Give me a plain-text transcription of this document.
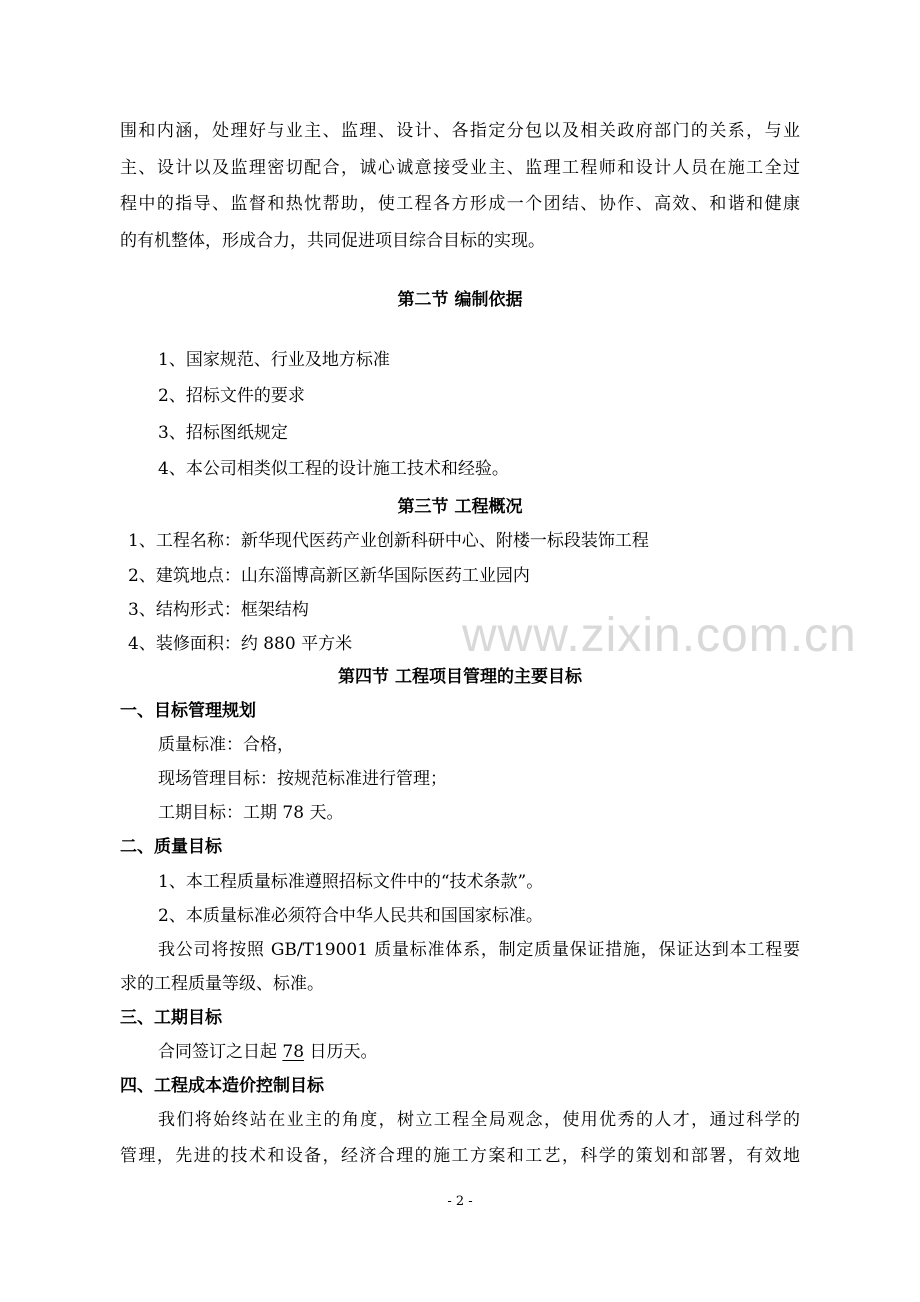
围和内涵，处理好与业主、监理、设计、各指定分包以及相关政府部门的关系，与业
主、设计以及监理密切配合，诚心诚意接受业主、监理工程师和设计人员在施工全过
程中的指导、监督和热忱帮助，使工程各方形成一个团结、协作、高效、和谐和健康
的有机整体，形成合力，共同促进项目综合目标的实现。
第二节 编制依据
1、国家规范、行业及地方标准
2、招标文件的要求
3、招标图纸规定
4、本公司相类似工程的设计施工技术和经验。
第三节 工程概况
1、工程名称：新华现代医药产业创新科研中心、附楼一标段装饰工程
2、建筑地点：山东淄博高新区新华国际医药工业园内
3、结构形式：框架结构
4、装修面积：约 880 平方米 www.zixin.com.cn
第四节 工程项目管理的主要目标
一、目标管理规划
质量标准：合格，
现场管理目标：按规范标准进行管理；
工期目标：工期 78 天。
二、质量目标
1、本工程质量标准遵照招标文件中的“技术条款”。
2、本质量标准必须符合中华人民共和国国家标准。
我公司将按照 GB/T19001 质量标准体系，制定质量保证措施，保证达到本工程要
求的工程质量等级、标准。
三、工期目标
合同签订之日起 78 日历天。
四、工程成本造价控制目标
我们将始终站在业主的角度，树立工程全局观念，使用优秀的人才，通过科学的
管理，先进的技术和设备，经济合理的施工方案和工艺，科学的策划和部署，有效地
- 2 -
